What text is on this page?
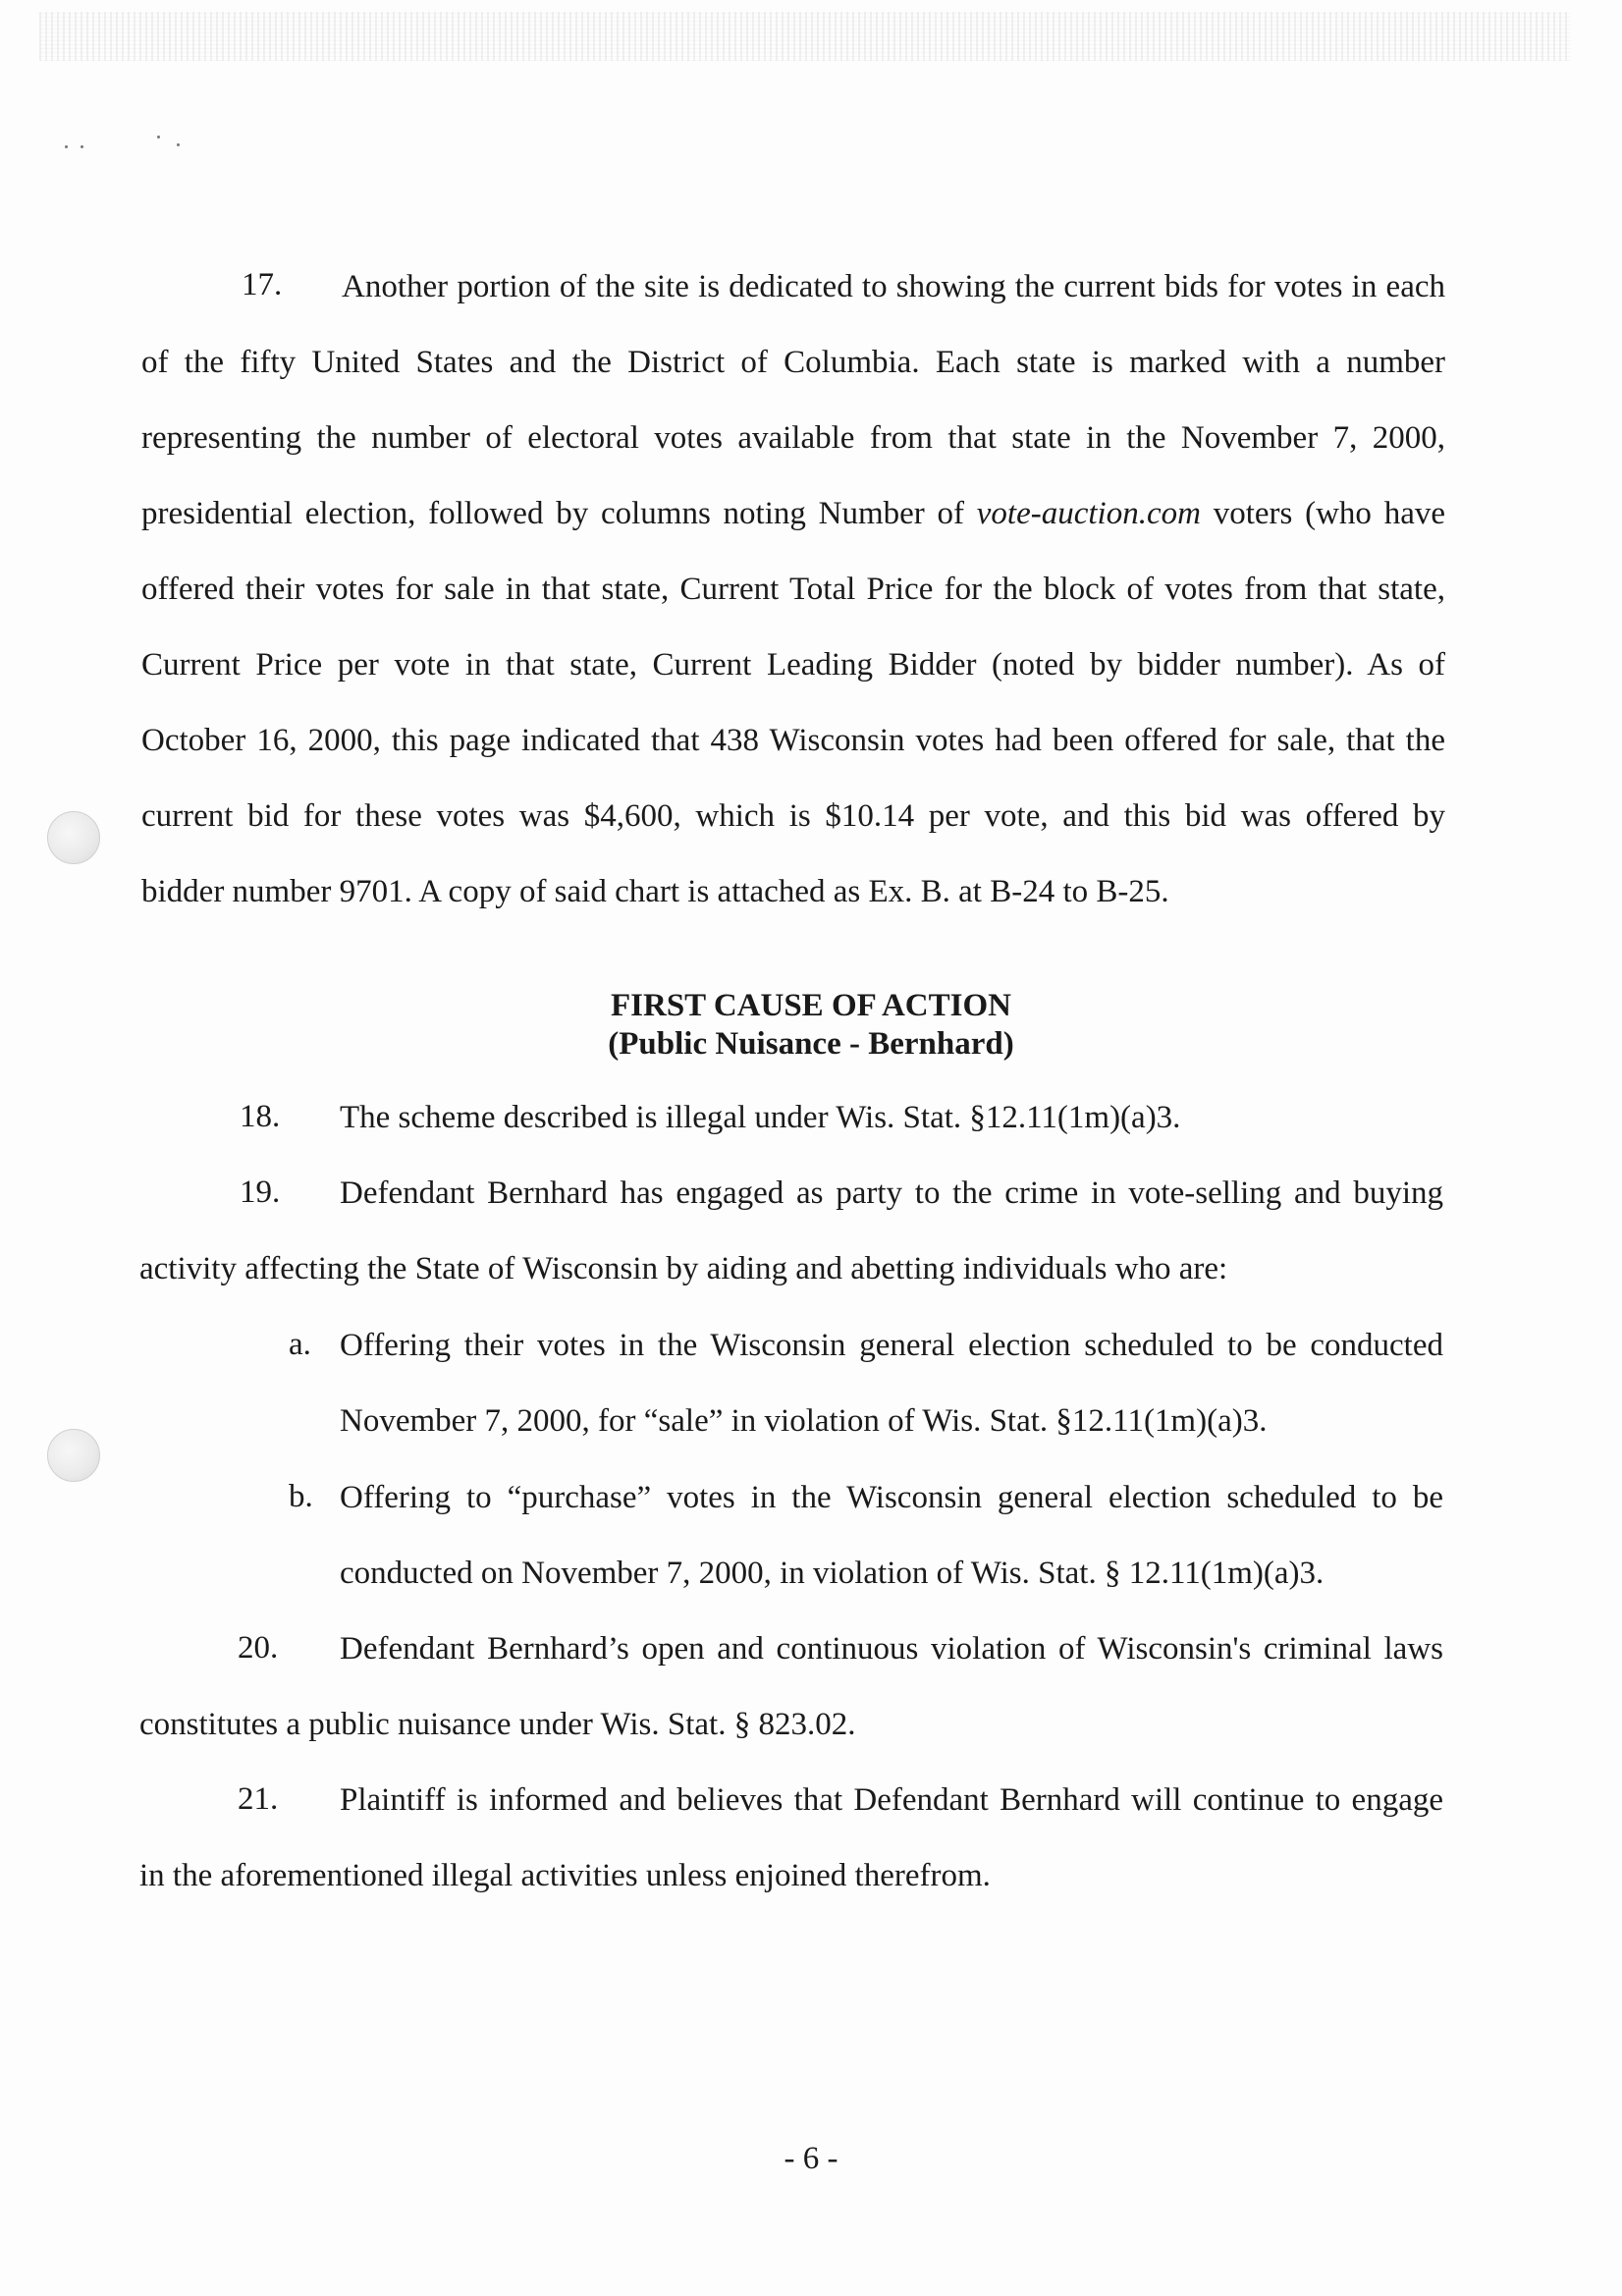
17. Another portion of the site is dedicated to showing the current bids for votes in each
of the fifty United States and the District of Columbia. Each state is marked with a number
representing the number of electoral votes available from that state in the November 7, 2000,
presidential election, followed by columns noting Number of vote-auction.com voters (who have
offered their votes for sale in that state, Current Total Price for the block of votes from that state,
Current Price per vote in that state, Current Leading Bidder (noted by bidder number). As of
October 16, 2000, this page indicated that 438 Wisconsin votes had been offered for sale, that the
current bid for these votes was $4,600, which is $10.14 per vote, and this bid was offered by
bidder number 9701. A copy of said chart is attached as Ex. B. at B-24 to B-25.
FIRST CAUSE OF ACTION
(Public Nuisance - Bernhard)
18. The scheme described is illegal under Wis. Stat. §12.11(1m)(a)3.
19. Defendant Bernhard has engaged as party to the crime in vote-selling and buying
activity affecting the State of Wisconsin by aiding and abetting individuals who are:
a. Offering their votes in the Wisconsin general election scheduled to be conducted
November 7, 2000, for “sale” in violation of Wis. Stat. §12.11(1m)(a)3.
b. Offering to “purchase” votes in the Wisconsin general election scheduled to be
conducted on November 7, 2000, in violation of Wis. Stat. § 12.11(1m)(a)3.
20. Defendant Bernhard’s open and continuous violation of Wisconsin's criminal laws
constitutes a public nuisance under Wis. Stat. § 823.02.
21. Plaintiff is informed and believes that Defendant Bernhard will continue to engage
in the aforementioned illegal activities unless enjoined therefrom.
- 6 -
